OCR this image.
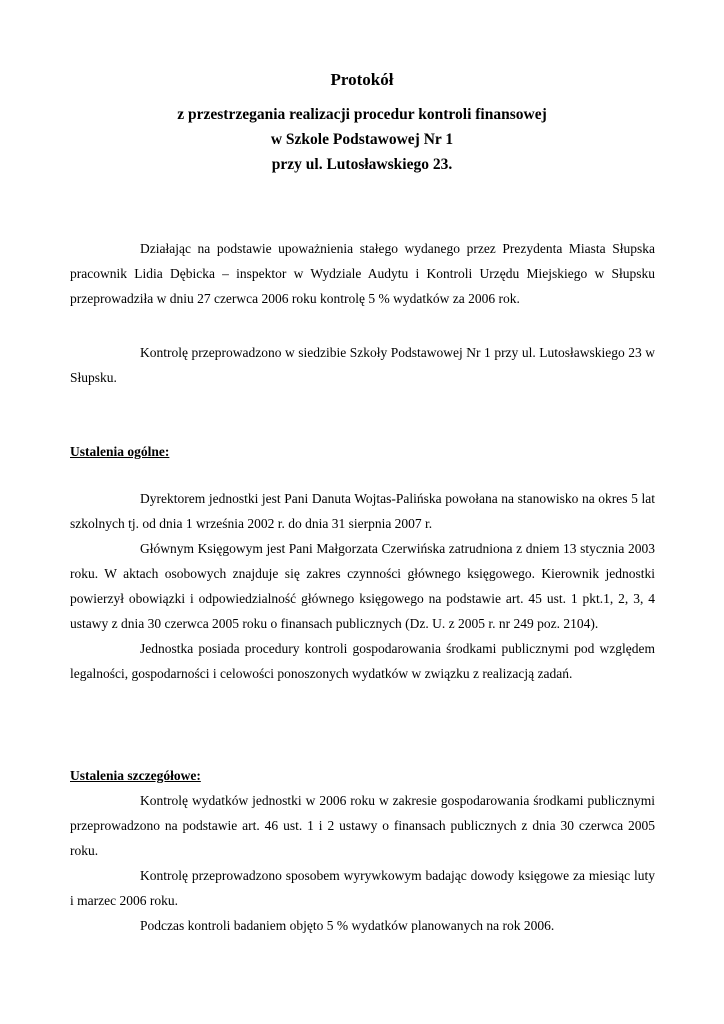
Protokół
z przestrzegania realizacji procedur kontroli finansowej
w Szkole Podstawowej Nr 1
przy ul. Lutosławskiego 23.

Działając na podstawie upoważnienia stałego wydanego przez Prezydenta Miasta Słupska pracownik Lidia Dębicka – inspektor w Wydziale Audytu i Kontroli Urzędu Miejskiego w Słupsku przeprowadziła w dniu 27 czerwca 2006 roku kontrolę 5 % wydatków za 2006 rok.

Kontrolę przeprowadzono w siedzibie Szkoły Podstawowej Nr 1 przy ul. Lutosławskiego 23 w Słupsku.

Ustalenia ogólne:

Dyrektorem jednostki jest Pani Danuta Wojtas-Palińska powołana na stanowisko na okres 5 lat szkolnych tj. od dnia 1 września 2002 r. do dnia 31 sierpnia 2007 r.

Głównym Księgowym jest Pani Małgorzata Czerwińska zatrudniona z dniem 13 stycznia 2003 roku. W aktach osobowych znajduje się zakres czynności głównego księgowego. Kierownik jednostki powierzył obowiązki i odpowiedzialność głównego księgowego na podstawie art. 45 ust. 1 pkt.1, 2, 3, 4 ustawy z dnia 30 czerwca 2005 roku o finansach publicznych (Dz. U. z 2005 r. nr 249 poz. 2104).

Jednostka posiada procedury kontroli gospodarowania środkami publicznymi pod względem legalności, gospodarności i celowości ponoszonych wydatków w związku z realizacją zadań.

Ustalenia szczegółowe:

Kontrolę wydatków jednostki w 2006 roku w zakresie gospodarowania środkami publicznymi przeprowadzono na podstawie art. 46 ust. 1 i 2 ustawy o finansach publicznych z dnia 30 czerwca 2005 roku.

Kontrolę przeprowadzono sposobem wyrywkowym badając dowody księgowe za miesiąc luty i marzec 2006 roku.

Podczas kontroli badaniem objęto 5 % wydatków planowanych na rok 2006.
